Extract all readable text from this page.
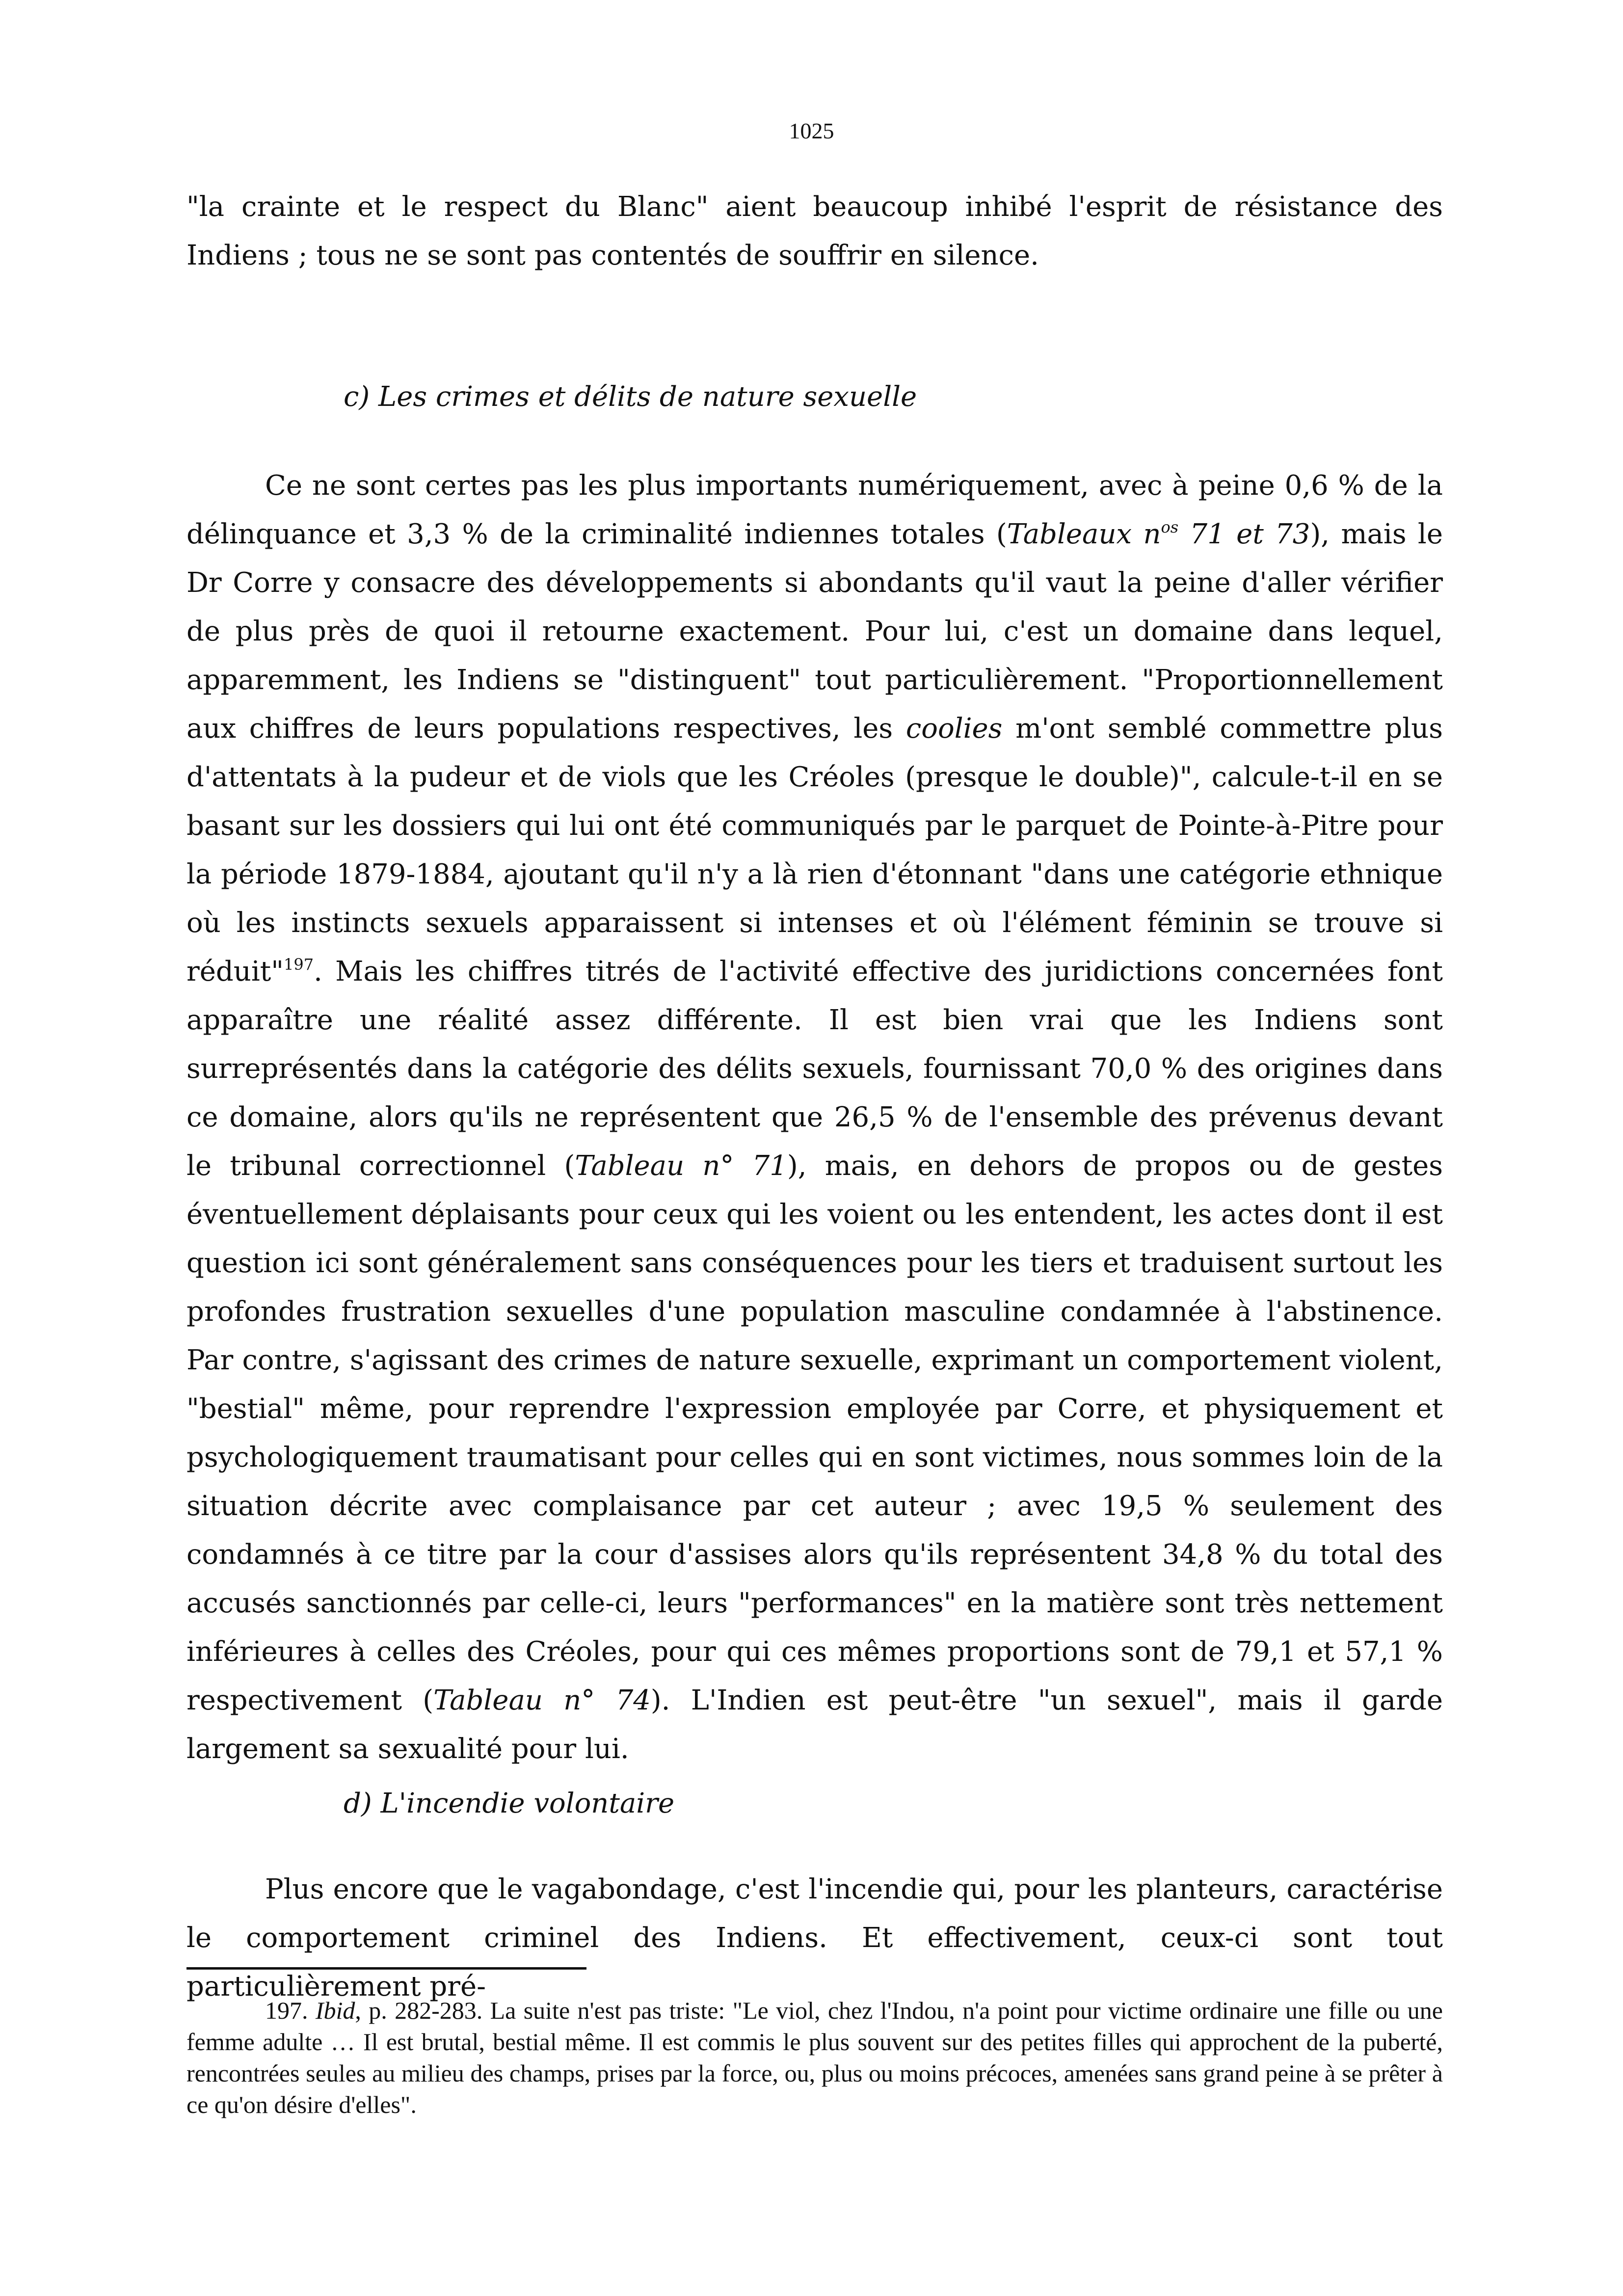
1025

"la crainte et le respect du Blanc" aient beaucoup inhibé l'esprit de résistance des Indiens ; tous ne se sont pas contentés de souffrir en silence.

c) Les crimes et délits de nature sexuelle

Ce ne sont certes pas les plus importants numériquement, avec à peine 0,6 % de la délinquance et 3,3 % de la criminalité indiennes totales (Tableaux $n^{os}$ 71 et 73), mais le Dr Corre y consacre des développements si abondants qu'il vaut la peine d'aller vérifier de plus près de quoi il retourne exactement. Pour lui, c'est un domaine dans lequel, apparemment, les Indiens se "distinguent" tout particulièrement. "Proportionnellement aux chiffres de leurs populations respectives, les coolies m'ont semblé commettre plus d'attentats à la pudeur et de viols que les Créoles (presque le double)", calcule-t-il en se basant sur les dossiers qui lui ont été communiqués par le parquet de Pointe-à-Pitre pour la période 1879-1884, ajoutant qu'il n'y a là rien d'étonnant "dans une catégorie ethnique où les instincts sexuels apparaissent si intenses et où l'élément féminin se trouve si réduit"$^{197}$. Mais les chiffres titrés de l'activité effective des juridictions concernées font apparaître une réalité assez différente. Il est bien vrai que les Indiens sont surreprésentés dans la catégorie des délits sexuels, fournissant 70,0 % des origines dans ce domaine, alors qu'ils ne représentent que 26,5 % de l'ensemble des prévenus devant le tribunal correctionnel (Tableau n° 71), mais, en dehors de propos ou de gestes éventuellement déplaisants pour ceux qui les voient ou les entendent, les actes dont il est question ici sont généralement sans conséquences pour les tiers et traduisent surtout les profondes frustration sexuelles d'une population masculine condamnée à l'abstinence. Par contre, s'agissant des crimes de nature sexuelle, exprimant un comportement violent, "bestial" même, pour reprendre l'expression employée par Corre, et physiquement et psychologiquement traumatisant pour celles qui en sont victimes, nous sommes loin de la situation décrite avec complaisance par cet auteur ; avec 19,5 % seulement des condamnés à ce titre par la cour d'assises alors qu'ils représentent 34,8 % du total des accusés sanctionnés par celle-ci, leurs "performances" en la matière sont très nettement inférieures à celles des Créoles, pour qui ces mêmes proportions sont de 79,1 et 57,1 % respectivement (Tableau n° 74). L'Indien est peut-être "un sexuel", mais il garde largement sa sexualité pour lui.

d) L'incendie volontaire

Plus encore que le vagabondage, c'est l'incendie qui, pour les planteurs, caractérise le comportement criminel des Indiens. Et effectivement, ceux-ci sont tout particulièrement pré-

197. Ibid, p. 282-283. La suite n'est pas triste: "Le viol, chez l'Indou, n'a point pour victime ordinaire une fille ou une femme adulte … Il est brutal, bestial même. Il est commis le plus souvent sur des petites filles qui approchent de la puberté, rencontrées seules au milieu des champs, prises par la force, ou, plus ou moins précoces, amenées sans grand peine à se prêter à ce qu'on désire d'elles".
